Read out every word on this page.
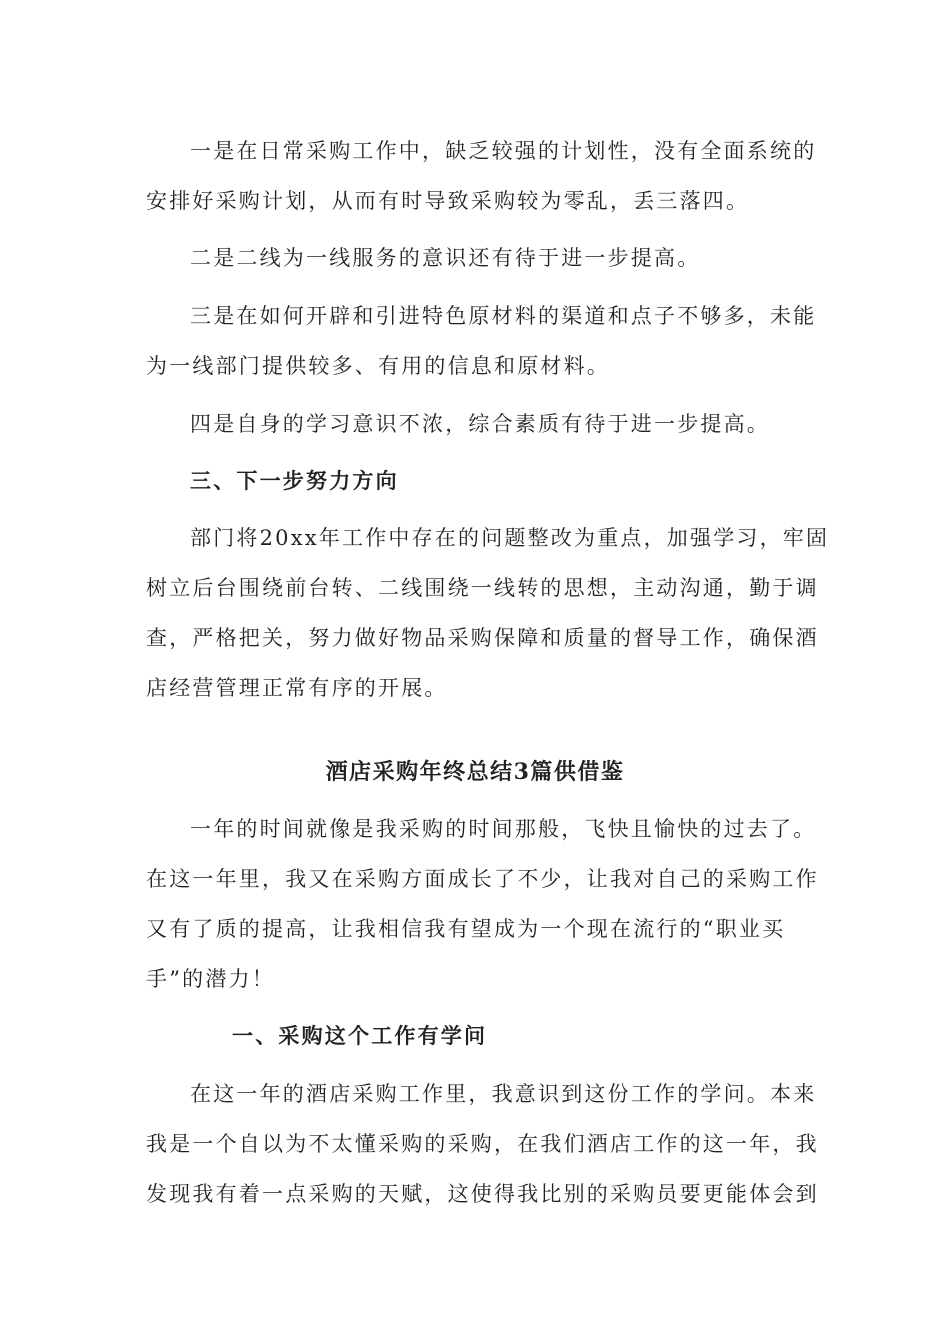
一是在日常采购工作中，缺乏较强的计划性，没有全面系统的
安排好采购计划，从而有时导致采购较为零乱，丢三落四。
二是二线为一线服务的意识还有待于进一步提高。
三是在如何开辟和引进特色原材料的渠道和点子不够多，未能
为一线部门提供较多、有用的信息和原材料。
四是自身的学习意识不浓，综合素质有待于进一步提高。
三、下一步努力方向
部门将20xx年工作中存在的问题整改为重点，加强学习，牢固
树立后台围绕前台转、二线围绕一线转的思想，主动沟通，勤于调
查，严格把关，努力做好物品采购保障和质量的督导工作，确保酒
店经营管理正常有序的开展。
酒店采购年终总结3篇供借鉴
一年的时间就像是我采购的时间那般，飞快且愉快的过去了。
在这一年里，我又在采购方面成长了不少，让我对自己的采购工作
又有了质的提高，让我相信我有望成为一个现在流行的“职业买
手”的潜力！
一、采购这个工作有学问
在这一年的酒店采购工作里，我意识到这份工作的学问。本来
我是一个自以为不太懂采购的采购，在我们酒店工作的这一年，我
发现我有着一点采购的天赋，这使得我比别的采购员要更能体会到
